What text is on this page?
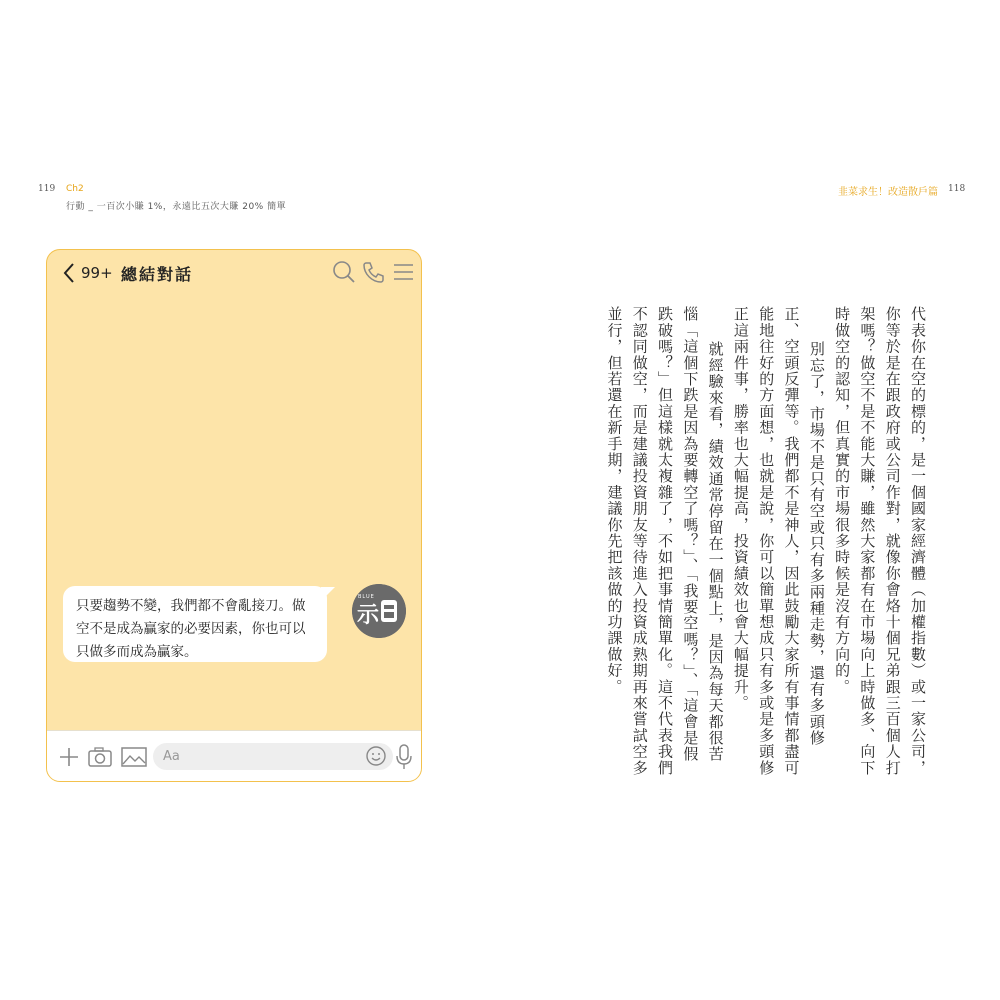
119 Ch2
行動 _ 一百次小賺 1%，永遠比五次大賺 20% 簡單
韭菜求生！改造散戶篇 118
99+ 總結對話
只要趨勢不變，我們都不會亂接刀。做空不是成為贏家的必要因素，你也可以只做多而成為贏家。
BLUE
示
Aa	代表你在空的標的，是一個國家經濟體（加權指數）或一家公司，你等於是在跟政府或公司作對，就像你會烙十個兄弟跟三百個人打架嗎？做空不是不能大賺，雖然大家都有在市場向上時做多、向下時做空的認知，但真實的市場很多時候是沒有方向的。

別忘了，市場不是只有空或只有多兩種走勢，還有多頭修正、空頭反彈等。我們都不是神人，因此鼓勵大家所有事情都盡可能地往好的方面想，也就是說，你可以簡單想成只有多或是多頭修正這兩件事，勝率也大幅提高，投資績效也會大幅提升。

就經驗來看，績效通常停留在一個點上，是因為每天都很苦惱「這個下跌是因為要轉空了嗎？」、「我要空嗎？」、「這會是假跌破嗎？」但這樣就太複雜了，不如把事情簡單化。這不代表我們不認同做空，而是建議投資朋友等待進入投資成熟期再來嘗試空多並行，但若還在新手期，建議你先把該做的功課做好。
